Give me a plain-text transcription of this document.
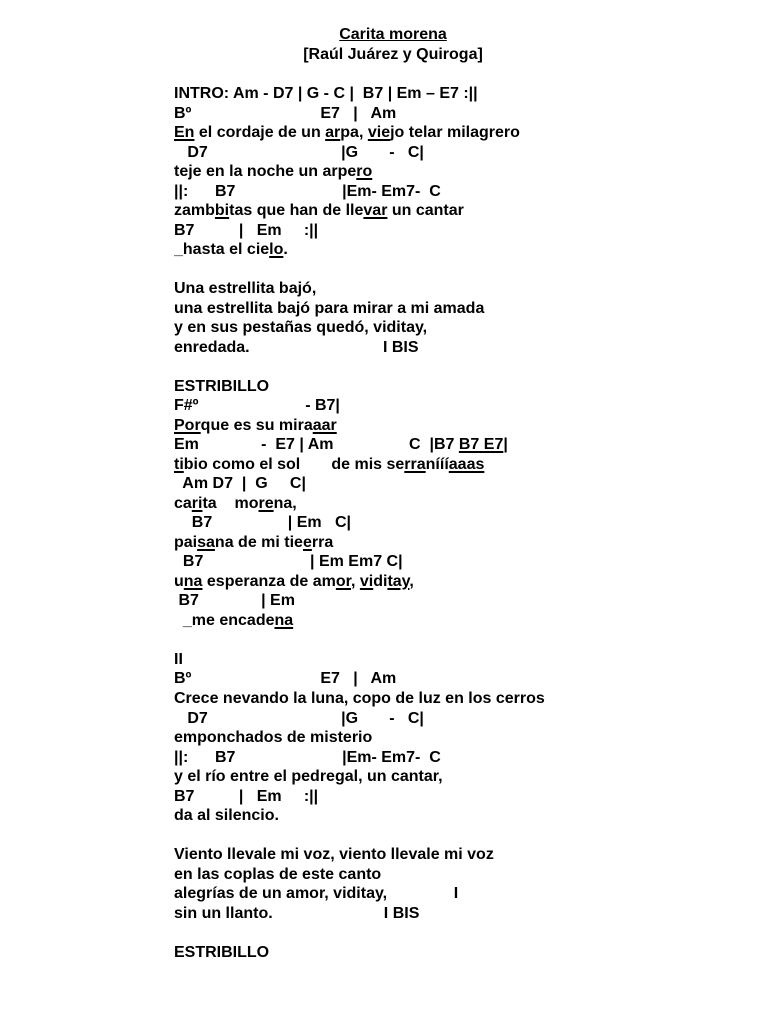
Carita morena
[Raúl Juárez y Quiroga]
INTRO: Am - D7 | G - C |  B7 | Em – E7 :||
Bº                             E7   |   Am
En el cordaje de un arpa, viejo telar milagrero
D7                              |G       -   C|
teje en la noche un arpero
||:      B7                        |Em- Em7-  C
zambbitas que han de llevar un cantar
B7          |   Em     :||
_hasta el cielo.

Una estrellita bajó,
una estrellita bajó para mirar a mi amada
y en sus pestañas quedó, viditay,
enredada.                              I BIS

ESTRIBILLO
F#º                        - B7|
Porque es su miraaar
Em              -  E7 | Am                 C  |B7 B7 E7|
tibio como el sol       de mis serraníííaaas
Am D7  |  G     C|
carita    morena,
B7                 | Em   C|
paisana de mi tieerra
B7                        | Em Em7 C|
una esperanza de amor, viditay,
B7              | Em
_me encadena

II
Bº                             E7   |   Am
Crece nevando la luna, copo de luz en los cerros
D7                              |G       -   C|
emponchados de misterio
||:      B7                        |Em- Em7-  C
y el río entre el pedregal, un cantar,
B7          |   Em     :||
da al silencio.

Viento llevale mi voz, viento llevale mi voz
en las coplas de este canto
alegrías de un amor, viditay,               I
sin un llanto.                         I BIS

ESTRIBILLO
